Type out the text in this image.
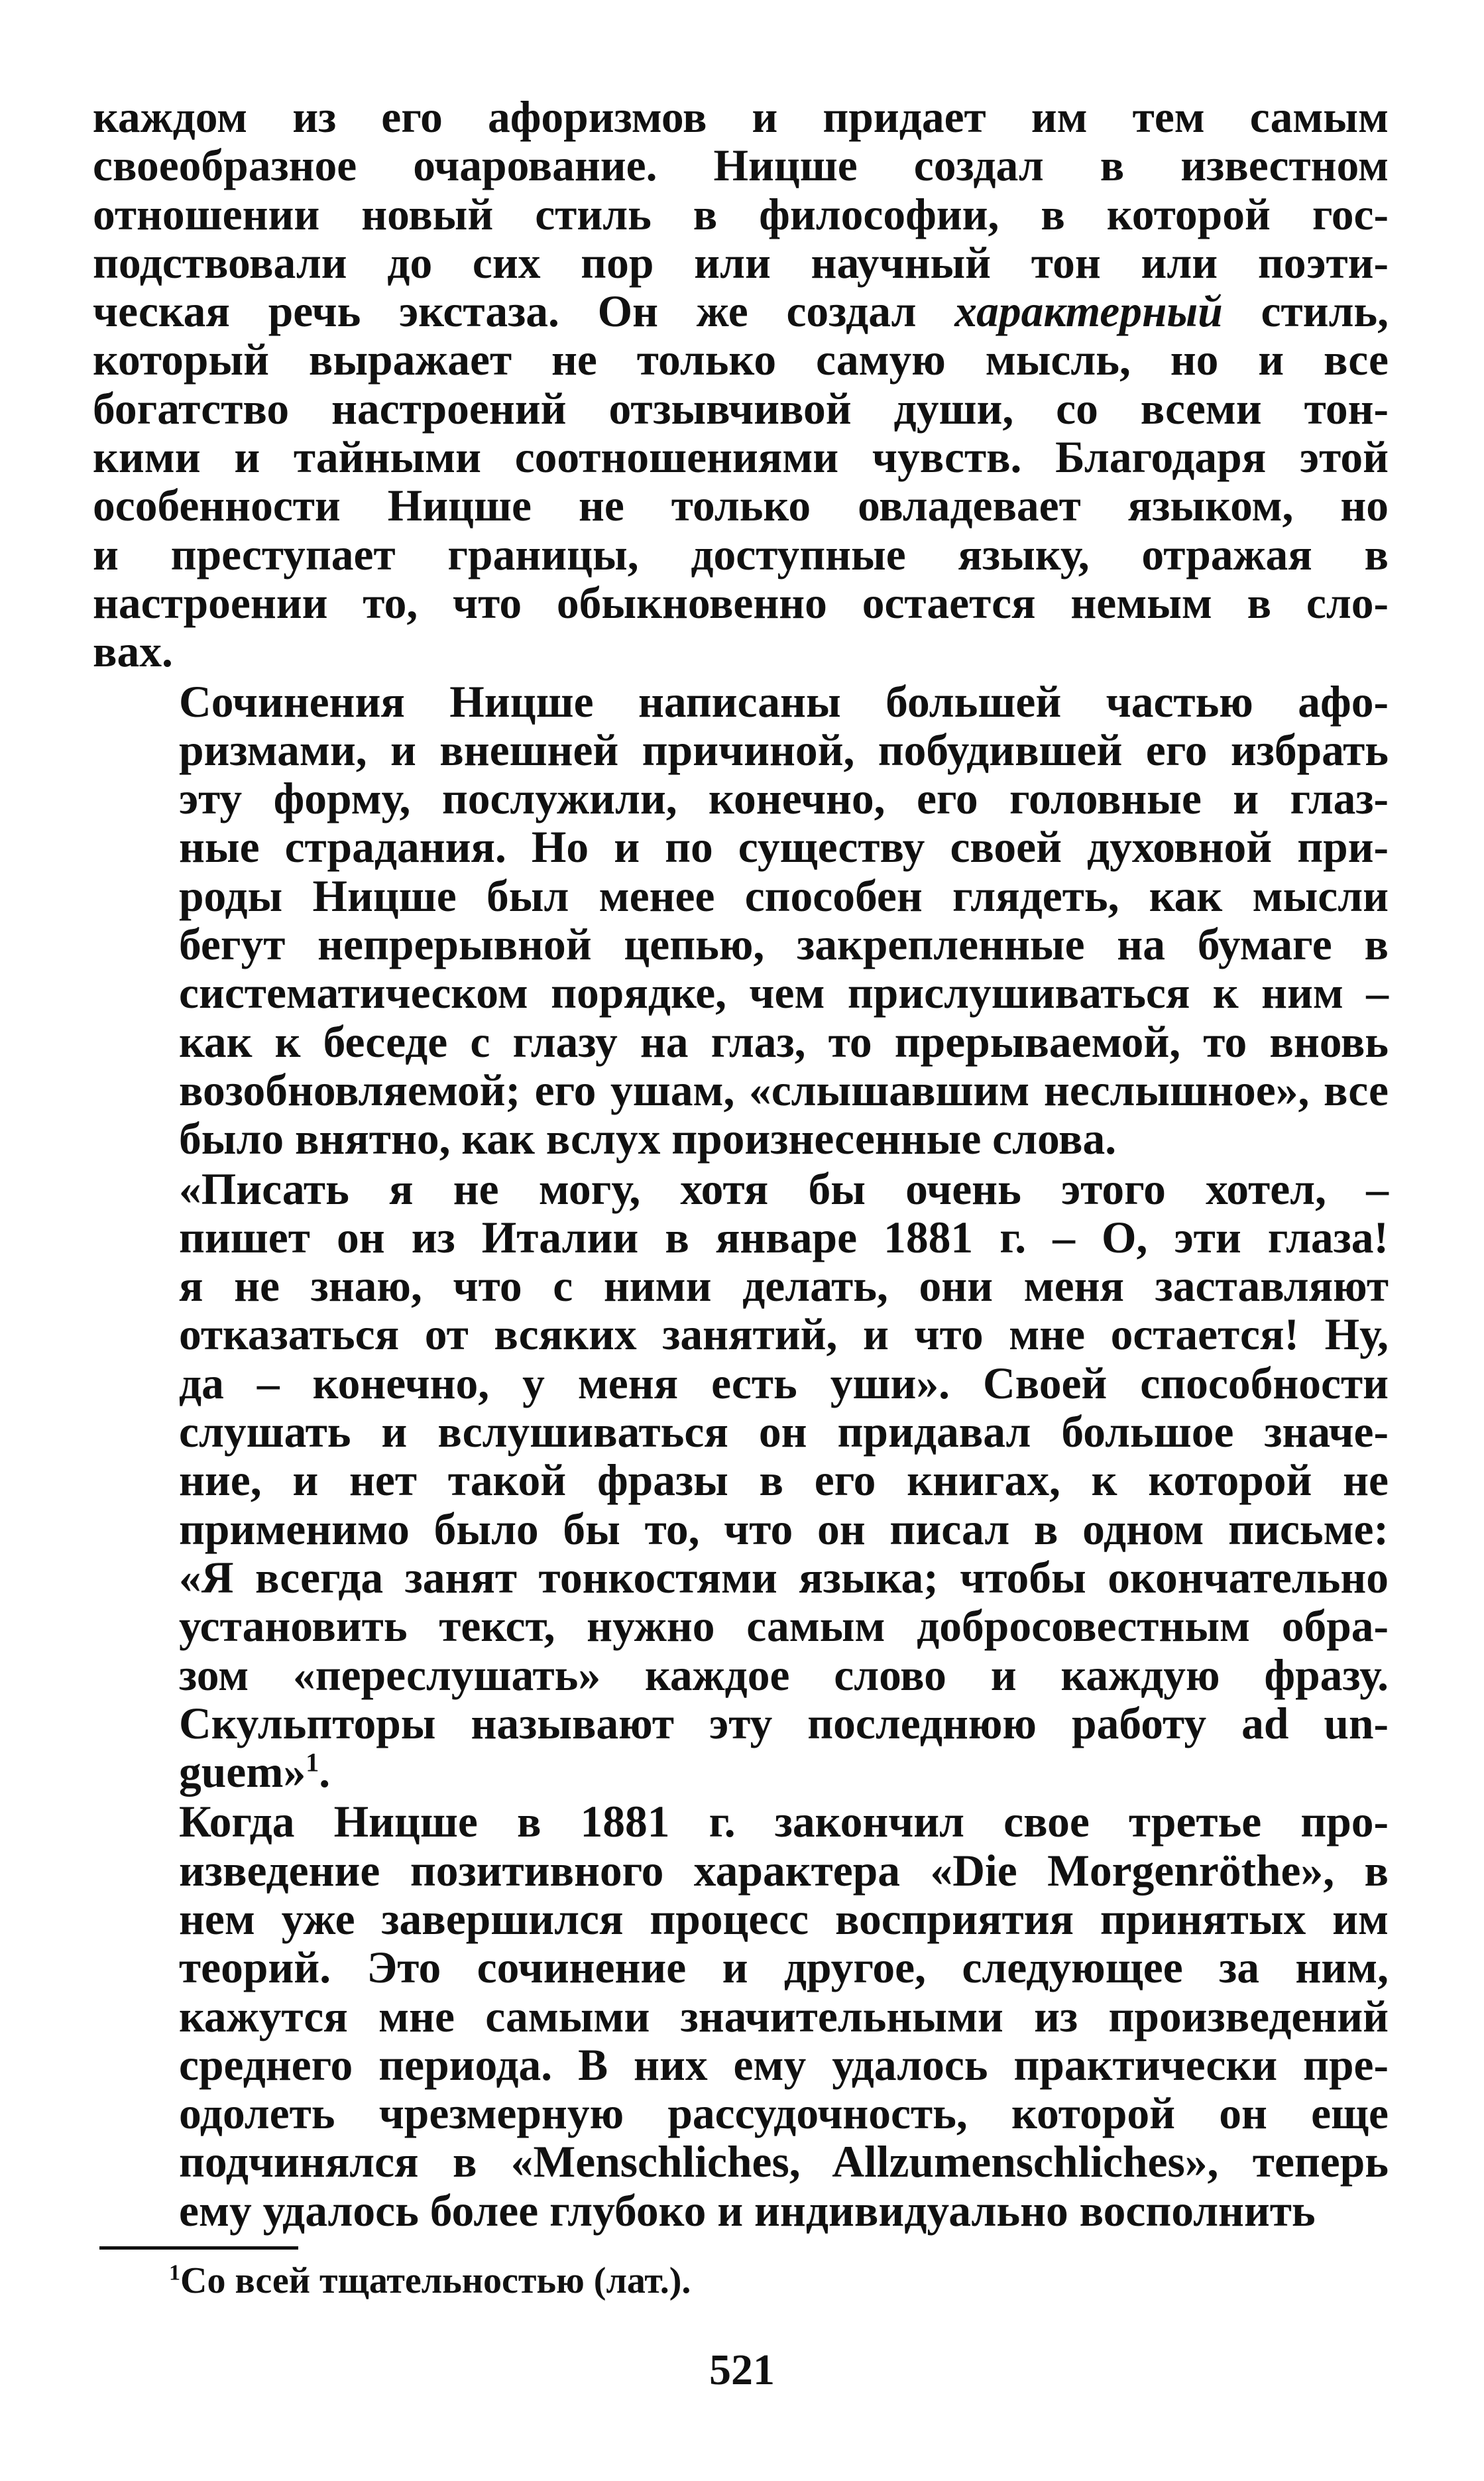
каждом из его афоризмов и придает им тем самым
своеобразное очарование. Ницше создал в известном
отношении новый стиль в философии, в которой гос-
подствовали до сих пор или научный тон или поэти-
ческая речь экстаза. Он же создал характерный стиль,
который выражает не только самую мысль, но и все
богатство настроений отзывчивой души, со всеми тон-
кими и тайными соотношениями чувств. Благодаря этой
особенности Ницше не только овладевает языком, но
и преступает границы, доступные языку, отражая в
настроении то, что обыкновенно остается немым в сло-
вах.

Сочинения Ницше написаны большей частью афо-
ризмами, и внешней причиной, побудившей его избрать
эту форму, послужили, конечно, его головные и глаз-
ные страдания. Но и по существу своей духовной при-
роды Ницше был менее способен глядеть, как мысли
бегут непрерывной цепью, закрепленные на бумаге в
систематическом порядке, чем прислушиваться к ним –
как к беседе с глазу на глаз, то прерываемой, то вновь
возобновляемой; его ушам, «слышавшим неслышное», все
было внятно, как вслух произнесенные слова.

«Писать я не могу, хотя бы очень этого хотел, –
пишет он из Италии в январе 1881 г. – О, эти глаза!
я не знаю, что с ними делать, они меня заставляют
отказаться от всяких занятий, и что мне остается! Ну,
да – конечно, у меня есть уши». Своей способности
слушать и вслушиваться он придавал большое значе-
ние, и нет такой фразы в его книгах, к которой не
применимо было бы то, что он писал в одном письме:
«Я всегда занят тонкостями языка; чтобы окончательно
установить текст, нужно самым добросовестным обра-
зом «переслушать» каждое слово и каждую фразу.
Скульпторы называют эту последнюю работу ad un-
guem»$^1$.

Когда Ницше в 1881 г. закончил свое третье про-
изведение позитивного характера «Die Morgenröthe», в
нем уже завершился процесс восприятия принятых им
теорий. Это сочинение и другое, следующее за ним,
кажутся мне самыми значительными из произведений
среднего периода. В них ему удалось практически пре-
одолеть чрезмерную рассудочность, которой он еще
подчинялся в «Menschliches, Allzumenschliches», теперь
ему удалось более глубоко и индивидуально восполнить

$^1$Со всей тщательностью (лат.).
521
